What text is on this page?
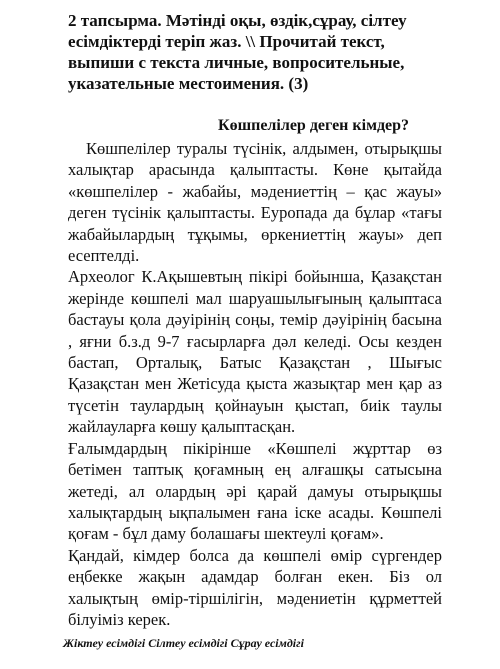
2 тапсырма. Мәтінді оқы, өздік,сұрау, сілтеу
есімдіктерді теріп жаз. \\ Прочитай текст,
выпиши с текста личные, вопросительные,
указательные местоимения. (3)
Көшпелілер деген кімдер?

Көшпелілер туралы түсінік, алдымен, отырықшы халықтар арасында қалыптасты. Көне қытайда «көшпелілер - жабайы, мәдениеттің – қас жауы» деген түсінік қалыптасты. Еуропада да бұлар «тағы жабайылардың тұқымы, өркениеттің жауы» деп есептелді.

Археолог К.Ақышевтың пікірі бойынша, Қазақстан жерінде көшпелі мал шаруашылығының қалыптаса бастауы қола дәуірінің соңы, темір дәуірінің басына , яғни б.з.д 9-7 ғасырларға дәл келеді. Осы кезден бастап, Орталық, Батыс Қазақстан , Шығыс Қазақстан мен Жетісуда қыста жазықтар мен қар аз түсетін таулардың қойнауын қыстап, биік таулы жайлауларға көшу қалыптасқан.

Ғалымдардың пікірінше «Көшпелі жұрттар өз бетімен таптық қоғамның ең алғашқы сатысына жетеді, ал олардың әрі қарай дамуы отырықшы халықтардың ықпалымен ғана іске асады. Көшпелі қоғам - бұл даму болашағы шектеулі қоғам».

Қандай, кімдер болса да көшпелі өмір сүргендер еңбекке жақын адамдар болған екен. Біз ол халықтың өмір-тіршілігін, мәдениетін құрметтей білуіміз керек.

Жіктеу есімдігі Сілтеу есімдігі Сұрау есімдігі
